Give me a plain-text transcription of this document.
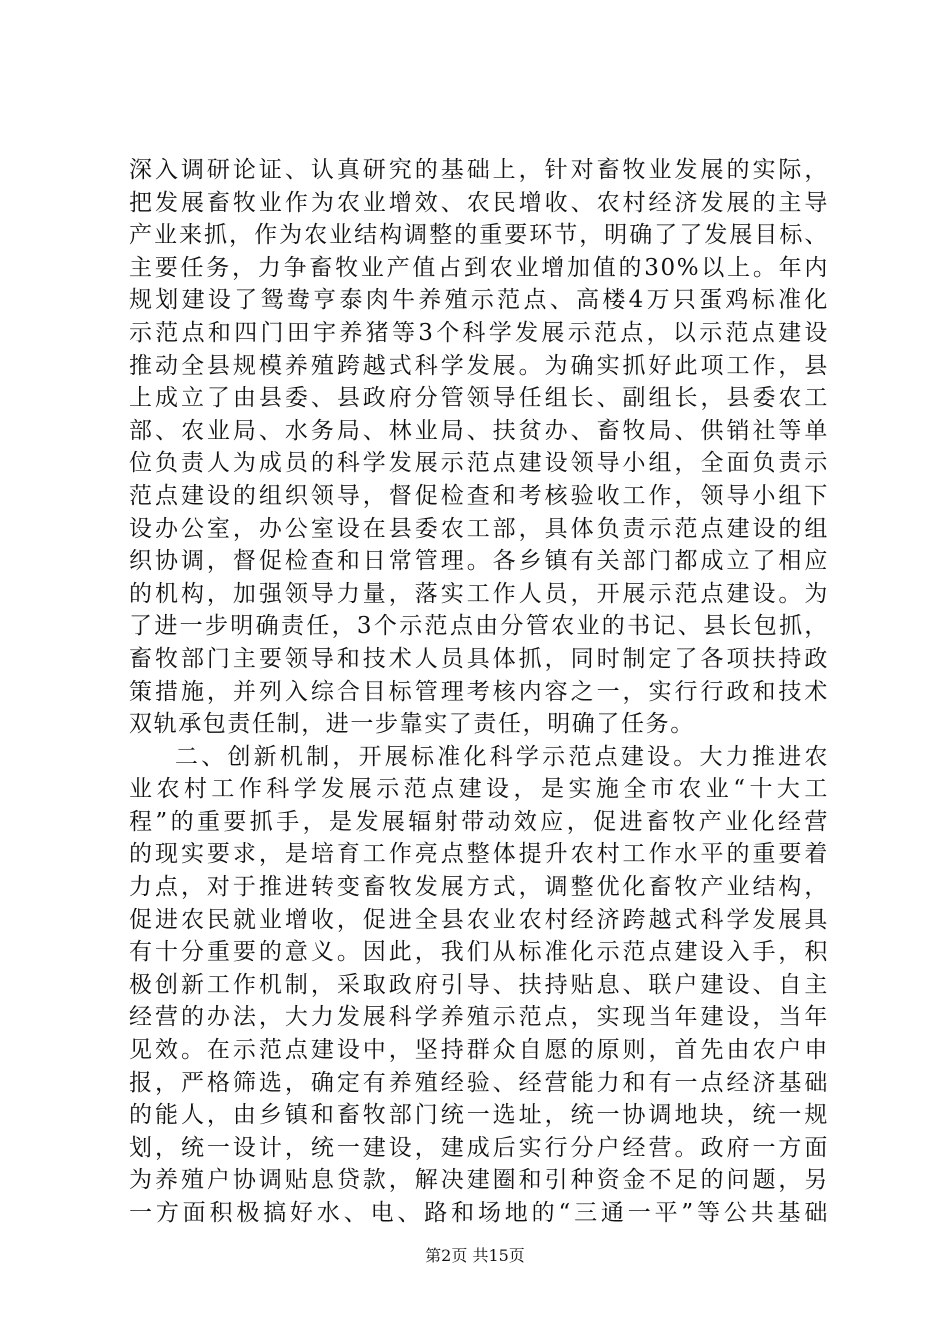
深入调研论证、认真研究的基础上，针对畜牧业发展的实际，
把发展畜牧业作为农业增效、农民增收、农村经济发展的主导
产业来抓，作为农业结构调整的重要环节，明确了了发展目标、
主要任务，力争畜牧业产值占到农业增加值的30%以上。年内
规划建设了鸳鸯亨泰肉牛养殖示范点、高楼4万只蛋鸡标准化
示范点和四门田宇养猪等3个科学发展示范点，以示范点建设
推动全县规模养殖跨越式科学发展。为确实抓好此项工作，县
上成立了由县委、县政府分管领导任组长、副组长，县委农工
部、农业局、水务局、林业局、扶贫办、畜牧局、供销社等单
位负责人为成员的科学发展示范点建设领导小组，全面负责示
范点建设的组织领导，督促检查和考核验收工作，领导小组下
设办公室，办公室设在县委农工部，具体负责示范点建设的组
织协调，督促检查和日常管理。各乡镇有关部门都成立了相应
的机构，加强领导力量，落实工作人员，开展示范点建设。为
了进一步明确责任，3个示范点由分管农业的书记、县长包抓，
畜牧部门主要领导和技术人员具体抓，同时制定了各项扶持政
策措施，并列入综合目标管理考核内容之一，实行行政和技术
双轨承包责任制，进一步靠实了责任，明确了任务。
二、创新机制，开展标准化科学示范点建设。大力推进农
业农村工作科学发展示范点建设，是实施全市农业“十大工
程”的重要抓手，是发展辐射带动效应，促进畜牧产业化经营
的现实要求，是培育工作亮点整体提升农村工作水平的重要着
力点，对于推进转变畜牧发展方式，调整优化畜牧产业结构，
促进农民就业增收，促进全县农业农村经济跨越式科学发展具
有十分重要的意义。因此，我们从标准化示范点建设入手，积
极创新工作机制，采取政府引导、扶持贴息、联户建设、自主
经营的办法，大力发展科学养殖示范点，实现当年建设，当年
见效。在示范点建设中，坚持群众自愿的原则，首先由农户申
报，严格筛选，确定有养殖经验、经营能力和有一点经济基础
的能人，由乡镇和畜牧部门统一选址，统一协调地块，统一规
划，统一设计，统一建设，建成后实行分户经营。政府一方面
为养殖户协调贴息贷款，解决建圈和引种资金不足的问题，另
一方面积极搞好水、电、路和场地的“三通一平”等公共基础
第2页 共15页
